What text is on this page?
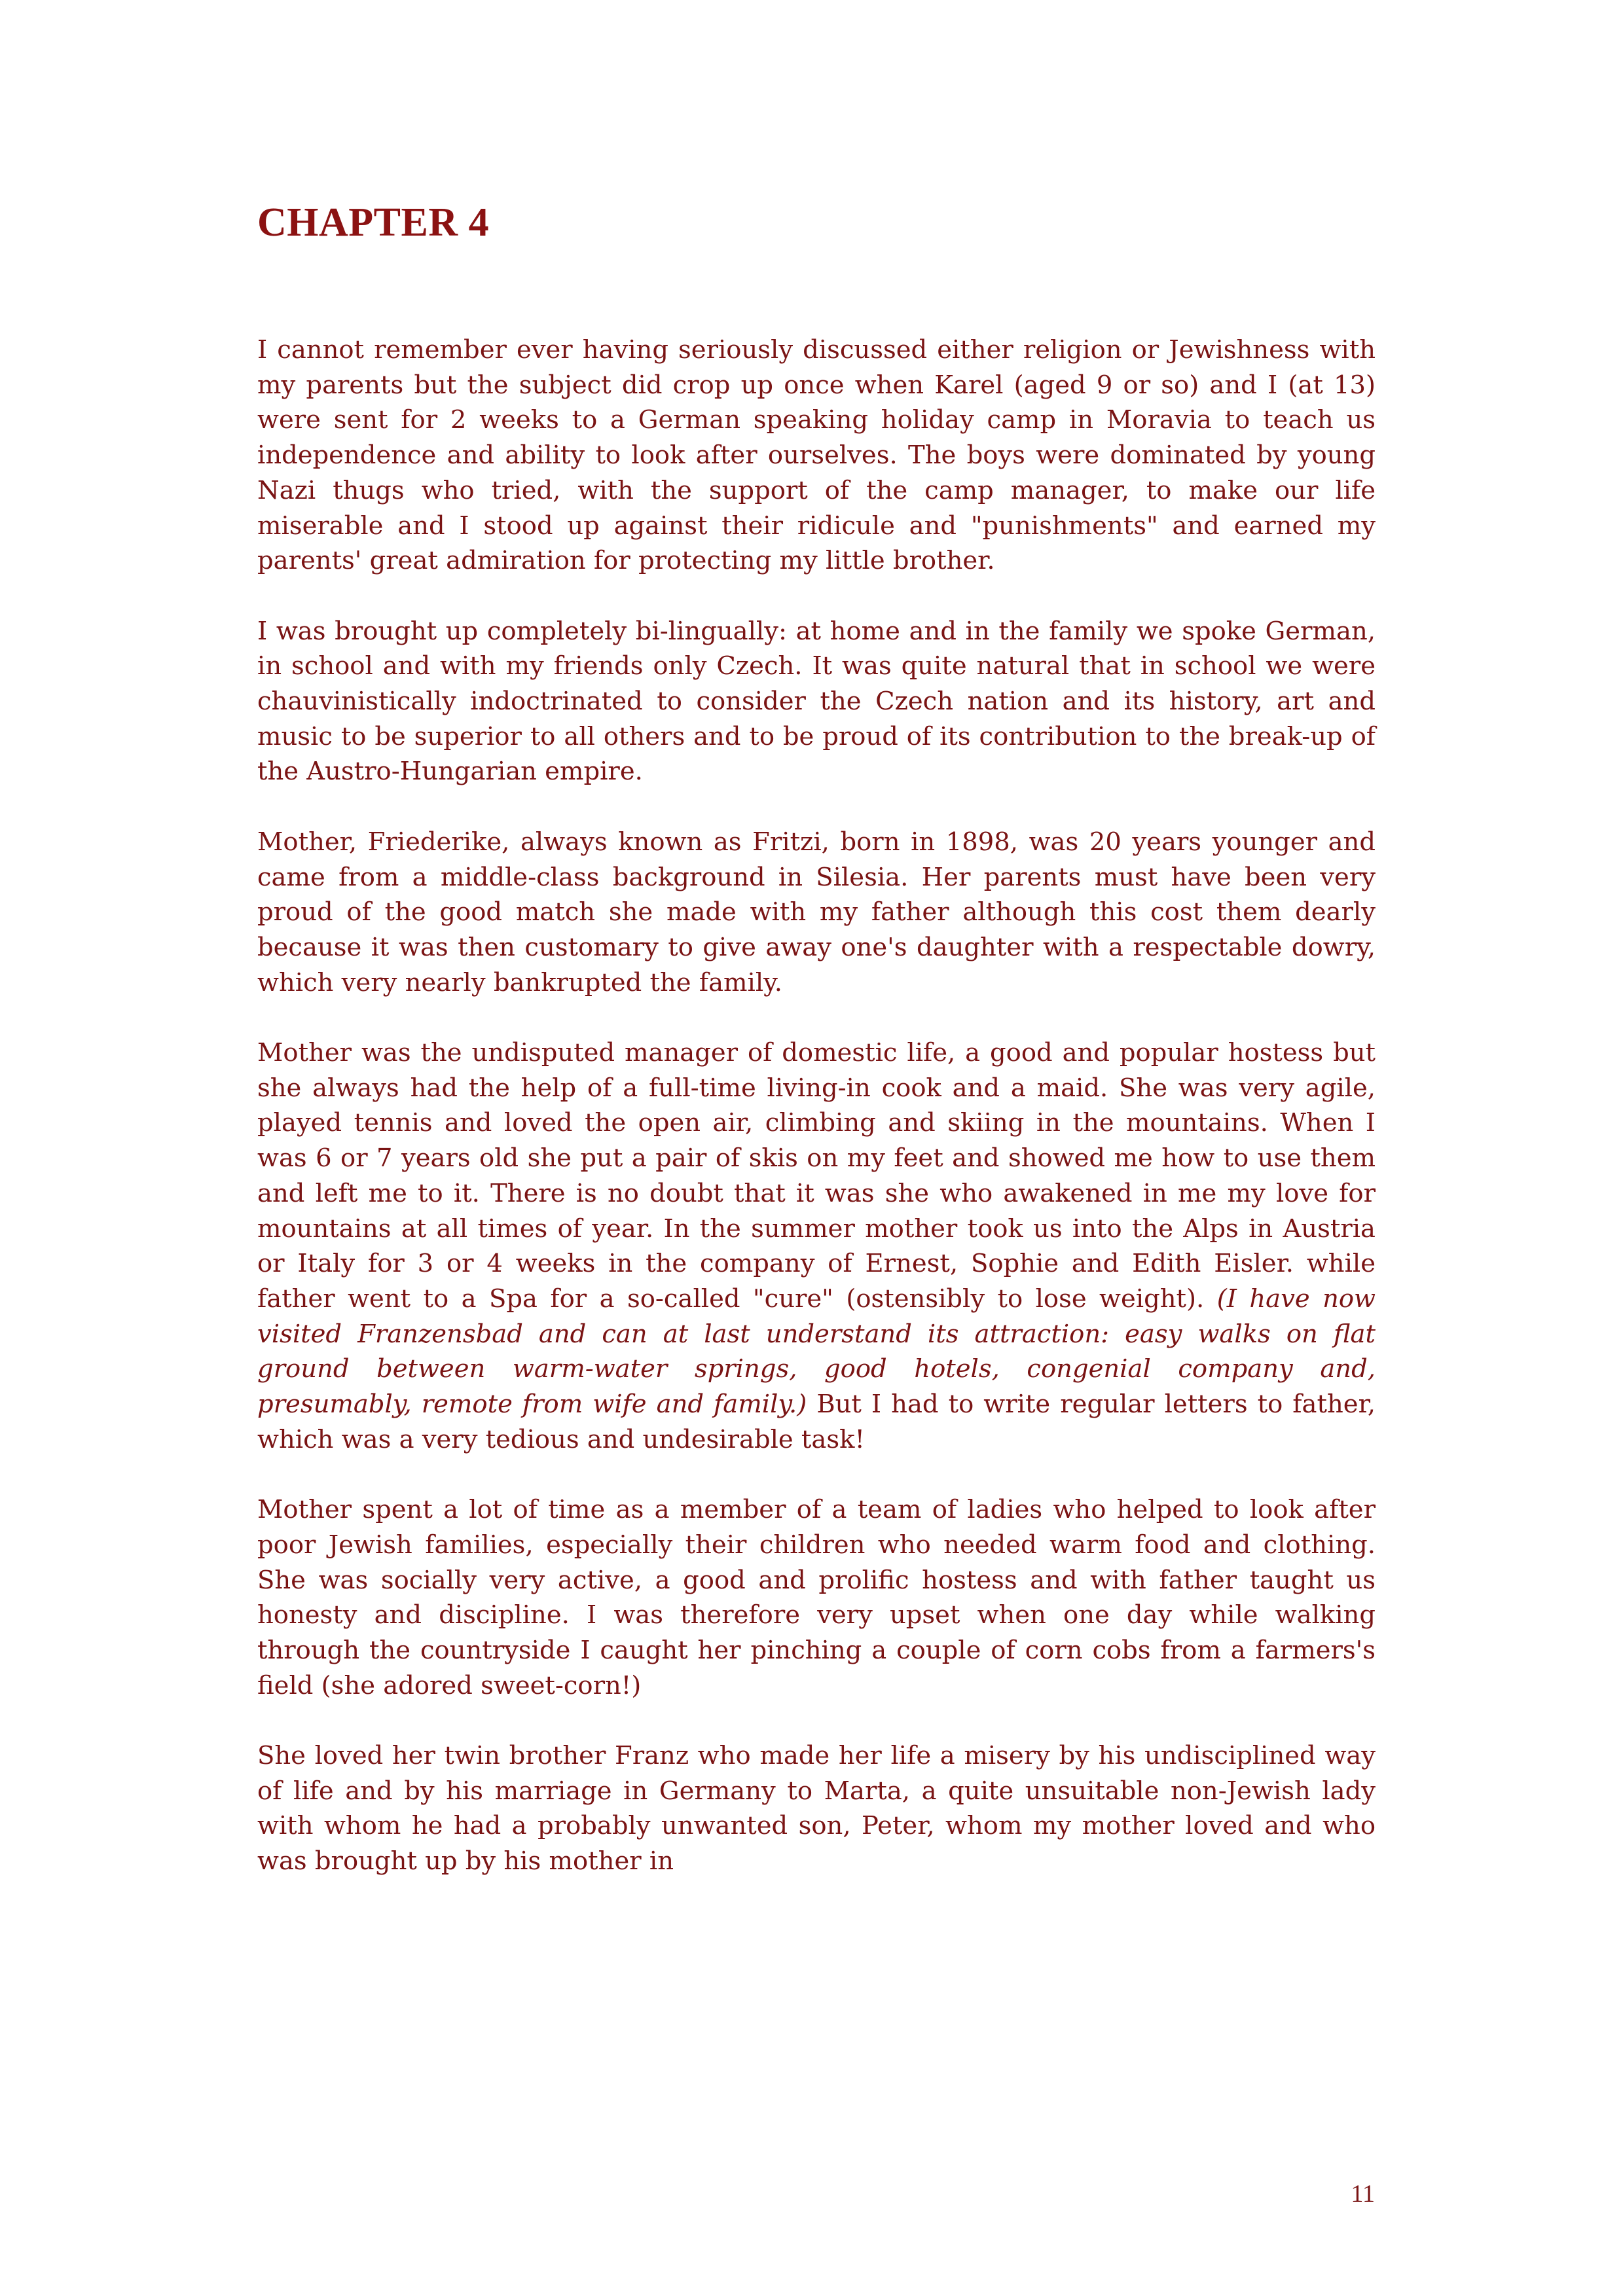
CHAPTER 4

I cannot remember ever having seriously discussed either religion or Jewishness with my parents but the subject did crop up once when Karel (aged 9 or so) and I (at 13) were sent for 2 weeks to a German speaking holiday camp in Moravia to teach us independence and ability to look after ourselves. The boys were dominated by young Nazi thugs who tried, with the support of the camp manager, to make our life miserable and I stood up against their ridicule and "punishments" and earned my parents' great admiration for protecting my little brother.

I was brought up completely bi-lingually: at home and in the family we spoke German, in school and with my friends only Czech. It was quite natural that in school we were chauvinistically indoctrinated to consider the Czech nation and its history, art and music to be superior to all others and to be proud of its contribution to the break-up of the Austro-Hungarian empire.

Mother, Friederike, always known as Fritzi, born in 1898, was 20 years younger and came from a middle-class background in Silesia. Her parents must have been very proud of the good match she made with my father although this cost them dearly because it was then customary to give away one's daughter with a respectable dowry, which very nearly bankrupted the family.

Mother was the undisputed manager of domestic life, a good and popular hostess but she always had the help of a full-time living-in cook and a maid. She was very agile, played tennis and loved the open air, climbing and skiing in the mountains. When I was 6 or 7 years old she put a pair of skis on my feet and showed me how to use them and left me to it. There is no doubt that it was she who awakened in me my love for mountains at all times of year. In the summer mother took us into the Alps in Austria or Italy for 3 or 4 weeks in the company of Ernest, Sophie and Edith Eisler. while father went to a Spa for a so-called "cure" (ostensibly to lose weight). (I have now visited Franzensbad and can at last understand its attraction: easy walks on flat ground between warm-water springs, good hotels, congenial company and, presumably, remote from wife and family.) But I had to write regular letters to father, which was a very tedious and undesirable task!

Mother spent a lot of time as a member of a team of ladies who helped to look after poor Jewish families, especially their children who needed warm food and clothing. She was socially very active, a good and prolific hostess and with father taught us honesty and discipline. I was therefore very upset when one day while walking through the countryside I caught her pinching a couple of corn cobs from a farmers's field (she adored sweet-corn!)

She loved her twin brother Franz who made her life a misery by his undisciplined way of life and by his marriage in Germany to Marta, a quite unsuitable non-Jewish lady with whom he had a probably unwanted son, Peter, whom my mother loved and who was brought up by his mother in

11
